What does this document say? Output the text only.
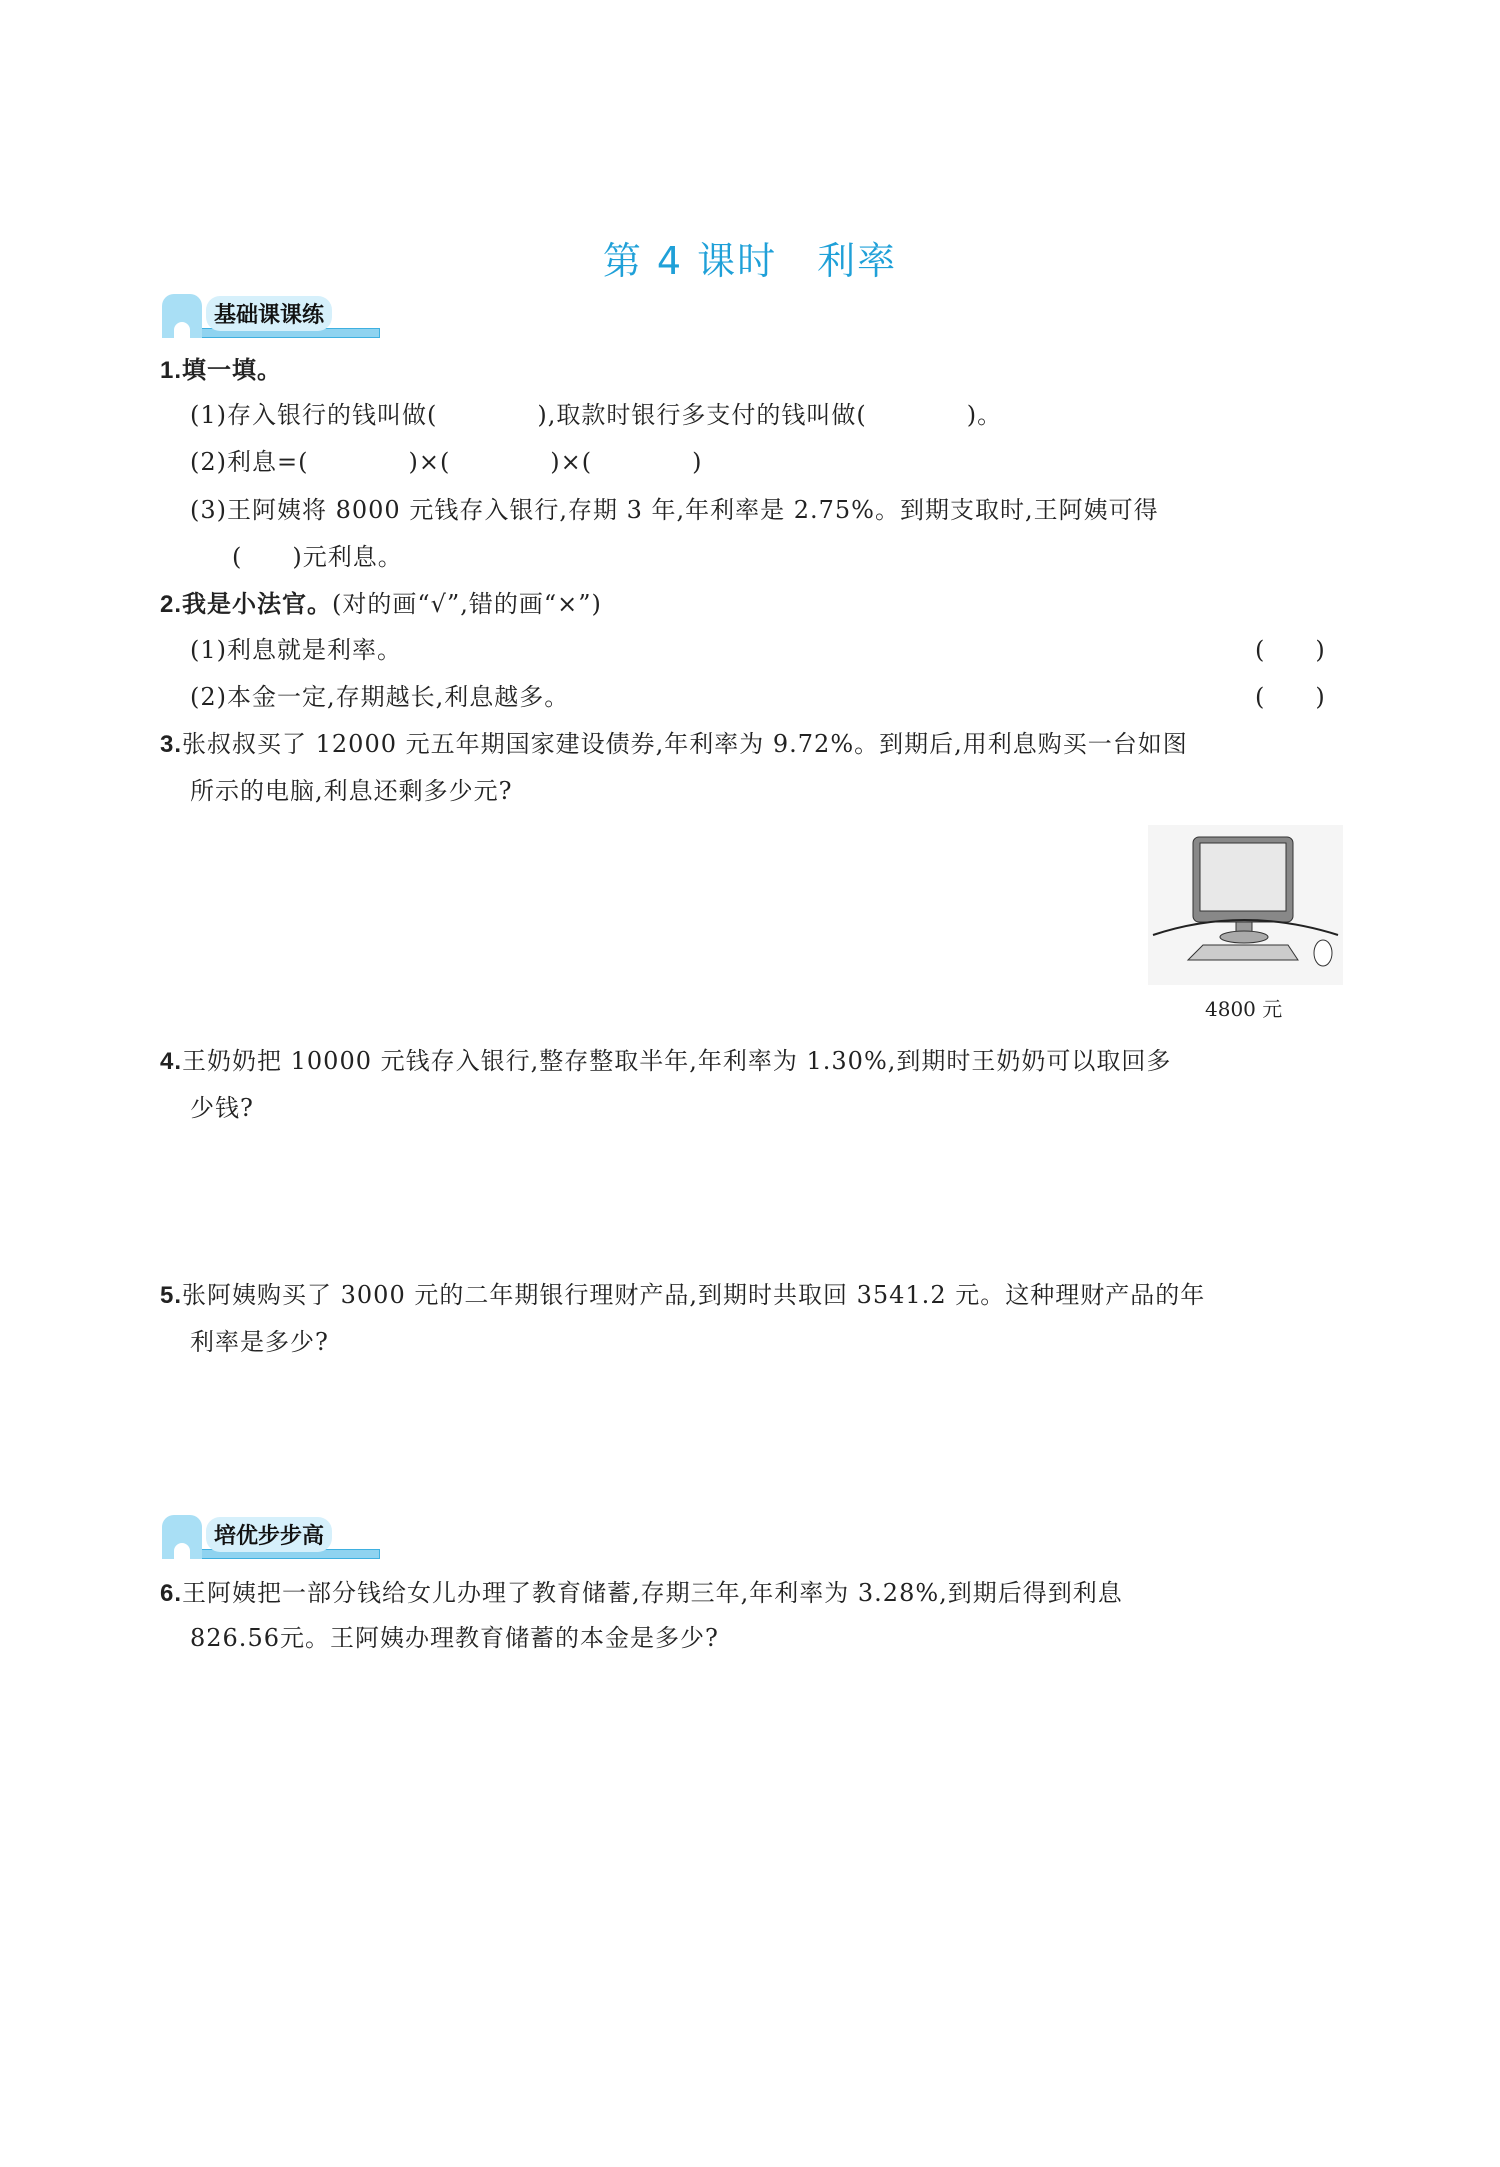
第 4 课时　利率
基础课课练
1.填一填。
(1)存入银行的钱叫做(　　　　),取款时银行多支付的钱叫做(　　　　)。
(2)利息=(　　　　)×(　　　　)×(　　　　)
(3)王阿姨将 8000 元钱存入银行,存期 3 年,年利率是 2.75%。到期支取时,王阿姨可得
(　　)元利息。
2.我是小法官。(对的画“√”,错的画“×”)
(1)利息就是利率。	(　　)
(2)本金一定,存期越长,利息越多。	(　　)
3.张叔叔买了 12000 元五年期国家建设债券,年利率为 9.72%。到期后,用利息购买一台如图
所示的电脑,利息还剩多少元?
4800 元
4.王奶奶把 10000 元钱存入银行,整存整取半年,年利率为 1.30%,到期时王奶奶可以取回多
少钱?
5.张阿姨购买了 3000 元的二年期银行理财产品,到期时共取回 3541.2 元。这种理财产品的年
利率是多少?
培优步步高
6.王阿姨把一部分钱给女儿办理了教育储蓄,存期三年,年利率为 3.28%,到期后得到利息
826.56元。王阿姨办理教育储蓄的本金是多少?
